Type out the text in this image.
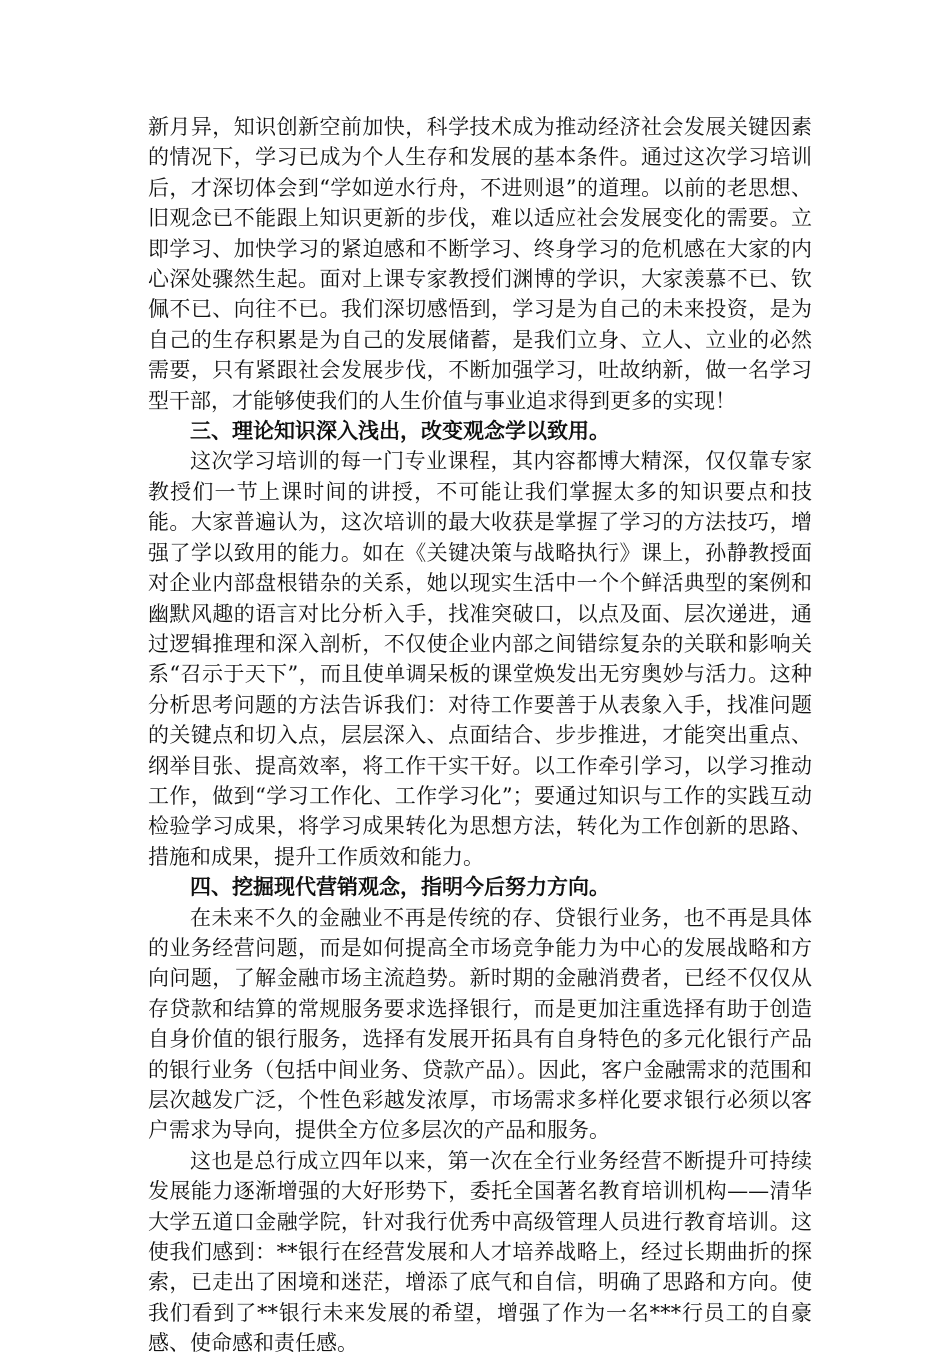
新月异，知识创新空前加快，科学技术成为推动经济社会发展关键因素的情况下，学习已成为个人生存和发展的基本条件。通过这次学习培训后，才深切体会到“学如逆水行舟，不进则退”的道理。以前的老思想、旧观念已不能跟上知识更新的步伐，难以适应社会发展变化的需要。立即学习、加快学习的紧迫感和不断学习、终身学习的危机感在大家的内心深处骤然生起。面对上课专家教授们渊博的学识，大家羡慕不已、钦佩不已、向往不已。我们深切感悟到，学习是为自己的未来投资，是为自己的生存积累是为自己的发展储蓄，是我们立身、立人、立业的必然需要，只有紧跟社会发展步伐，不断加强学习，吐故纳新，做一名学习型干部，才能够使我们的人生价值与事业追求得到更多的实现！

三、理论知识深入浅出，改变观念学以致用。

这次学习培训的每一门专业课程，其内容都博大精深，仅仅靠专家教授们一节上课时间的讲授，不可能让我们掌握太多的知识要点和技能。大家普遍认为，这次培训的最大收获是掌握了学习的方法技巧，增强了学以致用的能力。如在《关键决策与战略执行》课上，孙静教授面对企业内部盘根错杂的关系，她以现实生活中一个个鲜活典型的案例和幽默风趣的语言对比分析入手，找准突破口，以点及面、层次递进，通过逻辑推理和深入剖析，不仅使企业内部之间错综复杂的关联和影响关系“召示于天下”，而且使单调呆板的课堂焕发出无穷奥妙与活力。这种分析思考问题的方法告诉我们：对待工作要善于从表象入手，找准问题的关键点和切入点，层层深入、点面结合、步步推进，才能突出重点、纲举目张、提高效率，将工作干实干好。以工作牵引学习，以学习推动工作，做到“学习工作化、工作学习化”；要通过知识与工作的实践互动检验学习成果，将学习成果转化为思想方法，转化为工作创新的思路、措施和成果，提升工作质效和能力。

四、挖掘现代营销观念，指明今后努力方向。

在未来不久的金融业不再是传统的存、贷银行业务，也不再是具体的业务经营问题，而是如何提高全市场竞争能力为中心的发展战略和方向问题，了解金融市场主流趋势。新时期的金融消费者，已经不仅仅从存贷款和结算的常规服务要求选择银行，而是更加注重选择有助于创造自身价值的银行服务，选择有发展开拓具有自身特色的多元化银行产品的银行业务（包括中间业务、贷款产品）。因此，客户金融需求的范围和层次越发广泛，个性色彩越发浓厚，市场需求多样化要求银行必须以客户需求为导向，提供全方位多层次的产品和服务。

这也是总行成立四年以来，第一次在全行业务经营不断提升可持续发展能力逐渐增强的大好形势下，委托全国著名教育培训机构——清华大学五道口金融学院，针对我行优秀中高级管理人员进行教育培训。这使我们感到：**银行在经营发展和人才培养战略上，经过长期曲折的探索，已走出了困境和迷茫，增添了底气和自信，明确了思路和方向。使我们看到了**银行未来发展的希望，增强了作为一名***行员工的自豪感、使命感和责任感。
